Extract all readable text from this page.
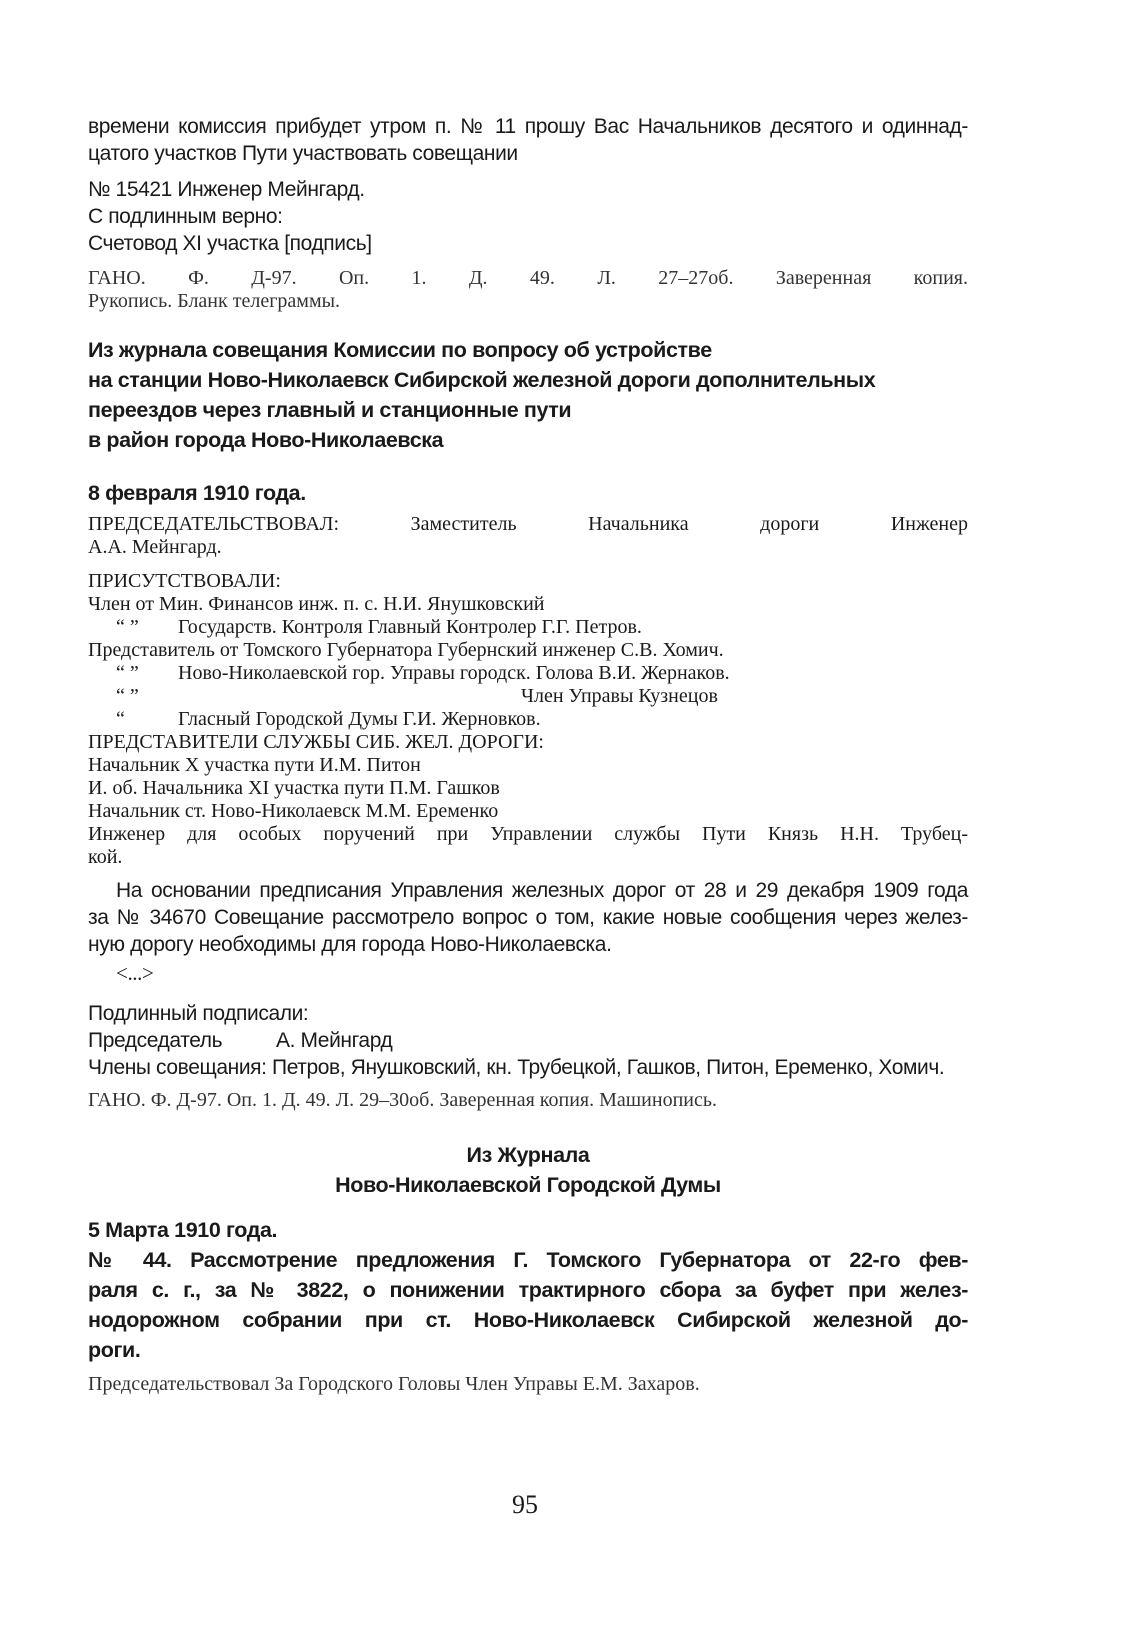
времени комиссия прибудет утром п. № 11 прошу Вас Начальников десятого и одиннад-
цатого участков Пути участвовать совещании
№ 15421 Инженер Мейнгард.
С подлинным верно:
Счетовод XI участка [подпись]
ГАНО. Ф. Д-97. Оп. 1. Д. 49. Л. 27–27об. Заверенная копия.
Рукопись. Бланк телеграммы.
Из журнала совещания Комиссии по вопросу об устройстве
на станции Ново-Николаевск Сибирской железной дороги дополнительных
переездов через главный и станционные пути
в район города Ново-Николаевска
8 февраля 1910 года.
ПРЕДСЕДАТЕЛЬСТВОВАЛ: Заместитель Начальника дороги Инженер
А.А. Мейнгард.
ПРИСУТСТВОВАЛИ:
Член от Мин. Финансов инж. п. с. Н.И. Янушковский
“ ” Государств. Контроля Главный Контролер Г.Г. Петров.
Представитель от Томского Губернатора Губернский инженер С.В. Хомич.
“ ” Ново-Николаевской гор. Управы городск. Голова В.И. Жернаков.
“ ”	Член Управы Кузнецов
“	Гласный Городской Думы Г.И. Жерновков.
ПРЕДСТАВИТЕЛИ СЛУЖБЫ СИБ. ЖЕЛ. ДОРОГИ:
Начальник Х участка пути И.М. Питон
И. об. Начальника XI участка пути П.М. Гашков
Начальник ст. Ново-Николаевск М.М. Еременко
Инженер для особых поручений при Управлении службы Пути Князь Н.Н. Трубец-
кой.
На основании предписания Управления железных дорог от 28 и 29 декабря 1909 года
за № 34670 Совещание рассмотрело вопрос о том, какие новые сообщения через желез-
ную дорогу необходимы для города Ново-Николаевска.
<...>
Подлинный подписали:
Председатель	А. Мейнгард
Члены совещания: Петров, Янушковский, кн. Трубецкой, Гашков, Питон, Еременко, Хомич.
ГАНО. Ф. Д-97. Оп. 1. Д. 49. Л. 29–30об. Заверенная копия. Машинопись.
Из Журнала
Ново-Николаевской Городской Думы
5 Марта 1910 года.
№ 44. Рассмотрение предложения Г. Томского Губернатора от 22-го фев-
раля с. г., за № 3822, о понижении трактирного сбора за буфет при желез-
нодорожном собрании при ст. Ново-Николаевск Сибирской железной до-
роги.
Председательствовал За Городского Головы Член Управы Е.М. Захаров.
95
